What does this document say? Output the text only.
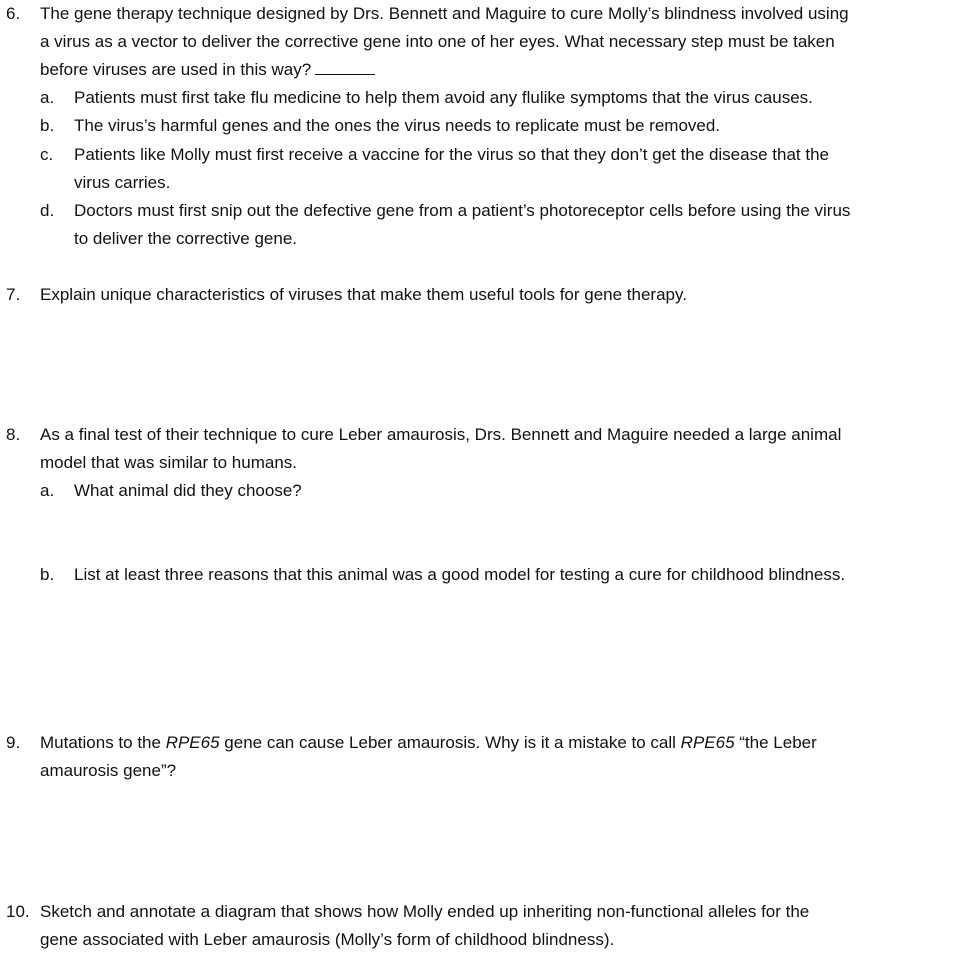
6. The gene therapy technique designed by Drs. Bennett and Maguire to cure Molly’s blindness involved using
a virus as a vector to deliver the corrective gene into one of her eyes. What necessary step must be taken
before viruses are used in this way?
a. Patients must first take flu medicine to help them avoid any flulike symptoms that the virus causes.
b. The virus’s harmful genes and the ones the virus needs to replicate must be removed.
c. Patients like Molly must first receive a vaccine for the virus so that they don’t get the disease that the
virus carries.
d. Doctors must first snip out the defective gene from a patient’s photoreceptor cells before using the virus
to deliver the corrective gene.
7. Explain unique characteristics of viruses that make them useful tools for gene therapy.
8. As a final test of their technique to cure Leber amaurosis, Drs. Bennett and Maguire needed a large animal
model that was similar to humans.
a. What animal did they choose?
b. List at least three reasons that this animal was a good model for testing a cure for childhood blindness.
9. Mutations to the RPE65 gene can cause Leber amaurosis. Why is it a mistake to call RPE65 “the Leber
amaurosis gene”?
10. Sketch and annotate a diagram that shows how Molly ended up inheriting non-functional alleles for the
gene associated with Leber amaurosis (Molly’s form of childhood blindness).
